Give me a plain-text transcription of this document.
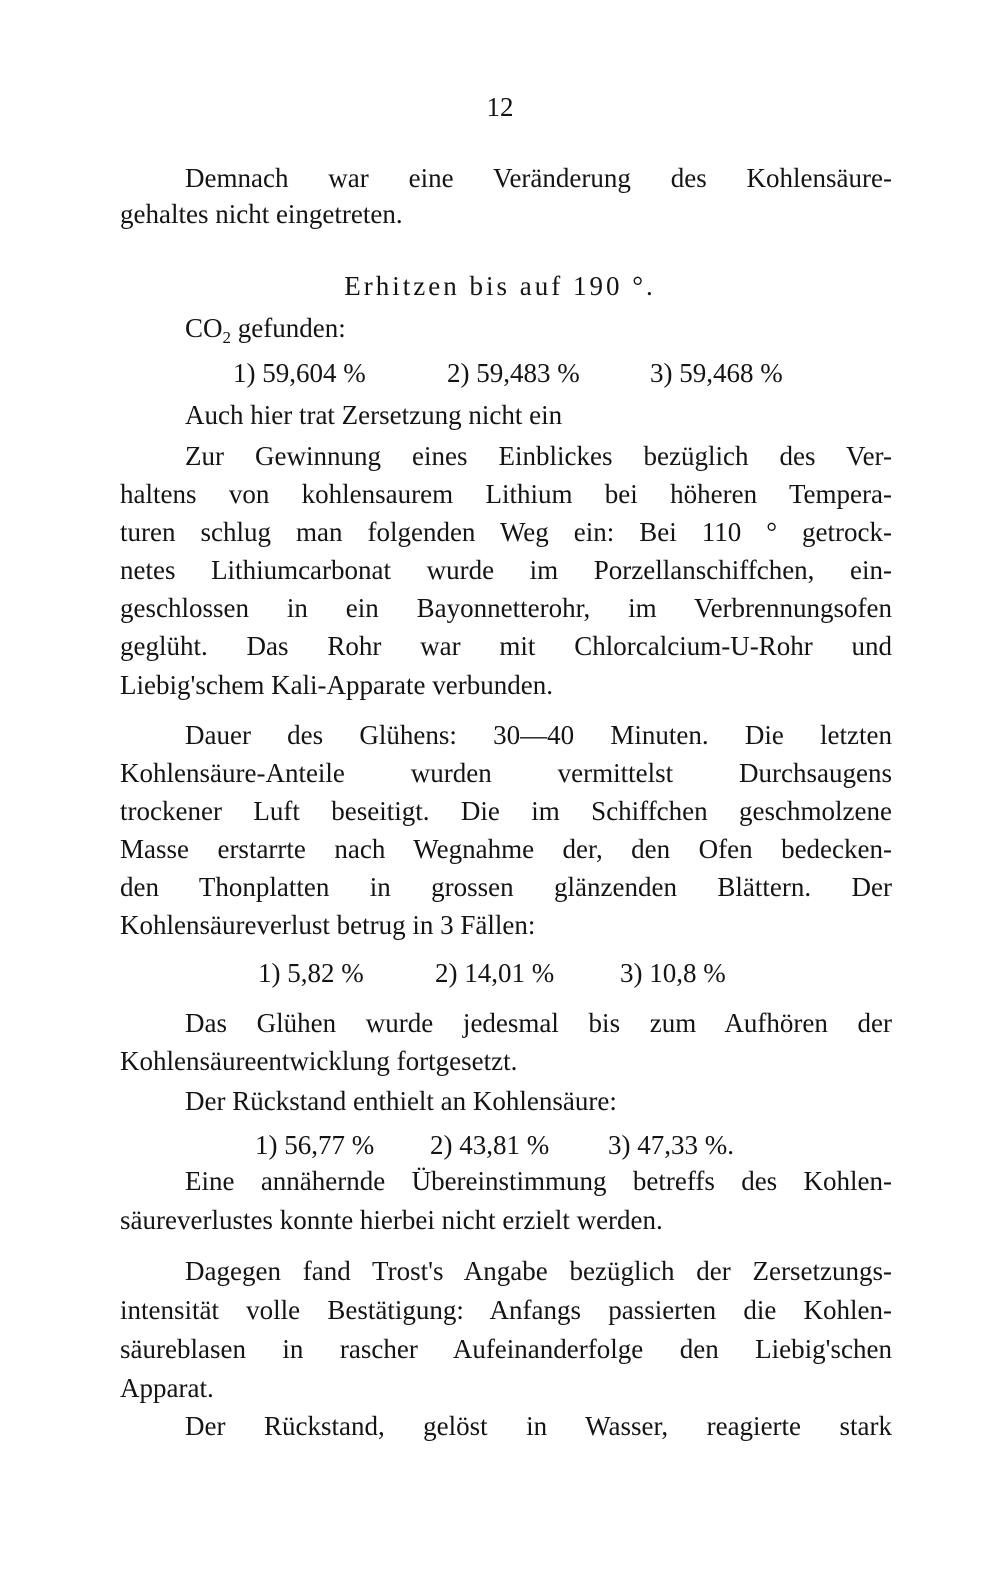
12
Demnach war eine Veränderung des Kohlensäure-
gehaltes nicht eingetreten.
Erhitzen bis auf 190 °.
$CO_2$ gefunden:
1) 59,604 %	2) 59,483 %	3) 59,468 %
Auch hier trat Zersetzung nicht ein
Zur Gewinnung eines Einblickes bezüglich des Ver-
haltens von kohlensaurem Lithium bei höheren Tempera-
turen schlug man folgenden Weg ein: Bei 110 ° getrock-
netes Lithiumcarbonat wurde im Porzellanschiffchen, ein-
geschlossen in ein Bayonnetterohr, im Verbrennungsofen
geglüht. Das Rohr war mit Chlorcalcium-U-Rohr und
Liebig'schem Kali-Apparate verbunden.
Dauer des Glühens: 30—40 Minuten. Die letzten
Kohlensäure-Anteile wurden vermittelst Durchsaugens
trockener Luft beseitigt. Die im Schiffchen geschmolzene
Masse erstarrte nach Wegnahme der, den Ofen bedecken-
den Thonplatten in grossen glänzenden Blättern. Der
Kohlensäureverlust betrug in 3 Fällen:
1) 5,82 %	2) 14,01 % 3) 10,8 %
Das Glühen wurde jedesmal bis zum Aufhören der
Kohlensäureentwicklung fortgesetzt.
Der Rückstand enthielt an Kohlensäure:
1) 56,77 % 2) 43,81 % 3) 47,33 %.
Eine annähernde Übereinstimmung betreffs des Kohlen-
säureverlustes konnte hierbei nicht erzielt werden.
Dagegen fand Trost's Angabe bezüglich der Zersetzungs-
intensität volle Bestätigung: Anfangs passierten die Kohlen-
säureblasen in rascher Aufeinanderfolge den Liebig'schen
Apparat.
Der Rückstand, gelöst in Wasser, reagierte stark
